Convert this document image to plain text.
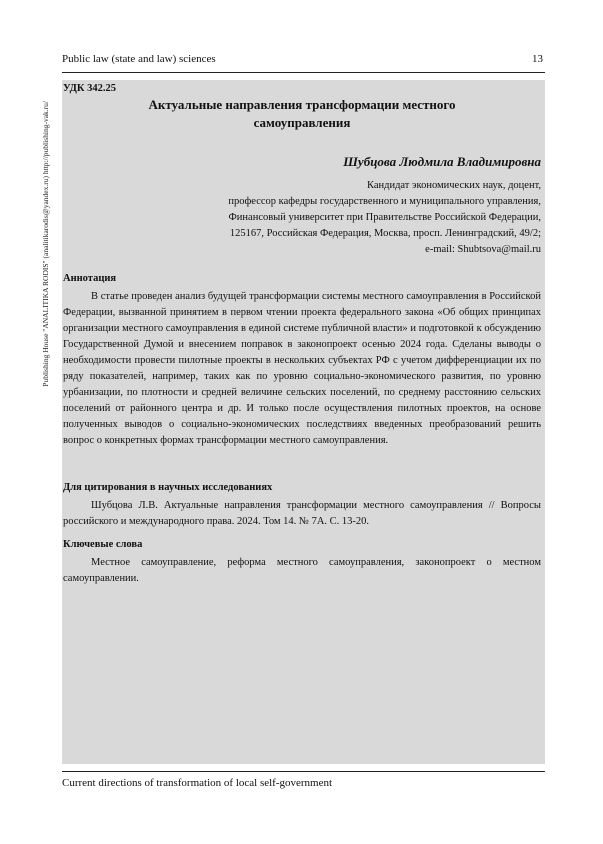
Public law (state and law) sciences	13
Publishing House "ANALITIKA RODIS" (analitikarodis@yandex.ru) http://publishing-vak.ru/
УДК 342.25
Актуальные направления трансформации местного
самоуправления
Шубцова Людмила Владимировна
Кандидат экономических наук, доцент,
профессор кафедры государственного и муниципального управления,
Финансовый университет при Правительстве Российской Федерации,
125167, Российская Федерация, Москва, просп. Ленинградский, 49/2;
e-mail: Shubtsova@mail.ru
Аннотация

В статье проведен анализ будущей трансформации системы местного самоуправления в Российской Федерации, вызванной принятием в первом чтении проекта федерального закона «Об общих принципах организации местного самоуправления в единой системе публичной власти» и подготовкой к обсуждению Государственной Думой и внесением поправок в законопроект осенью 2024 года. Сделаны выводы о необходимости провести пилотные проекты в нескольких субъектах РФ с учетом дифференциации их по ряду показателей, например, таких как по уровню социально-экономического развития, по уровню урбанизации, по плотности и средней величине сельских поселений, по среднему расстоянию сельских поселений от районного центра и др. И только после осуществления пилотных проектов, на основе полученных выводов о социально-экономических последствиях введенных преобразований решить вопрос о конкретных формах трансформации местного самоуправления.

Для цитирования в научных исследованиях

Шубцова Л.В. Актуальные направления трансформации местного самоуправления // Вопросы российского и международного права. 2024. Том 14. № 7А. С. 13-20.

Ключевые слова

Местное самоуправление, реформа местного самоуправления, законопроект о местном самоуправлении.

Current directions of transformation of local self-government
